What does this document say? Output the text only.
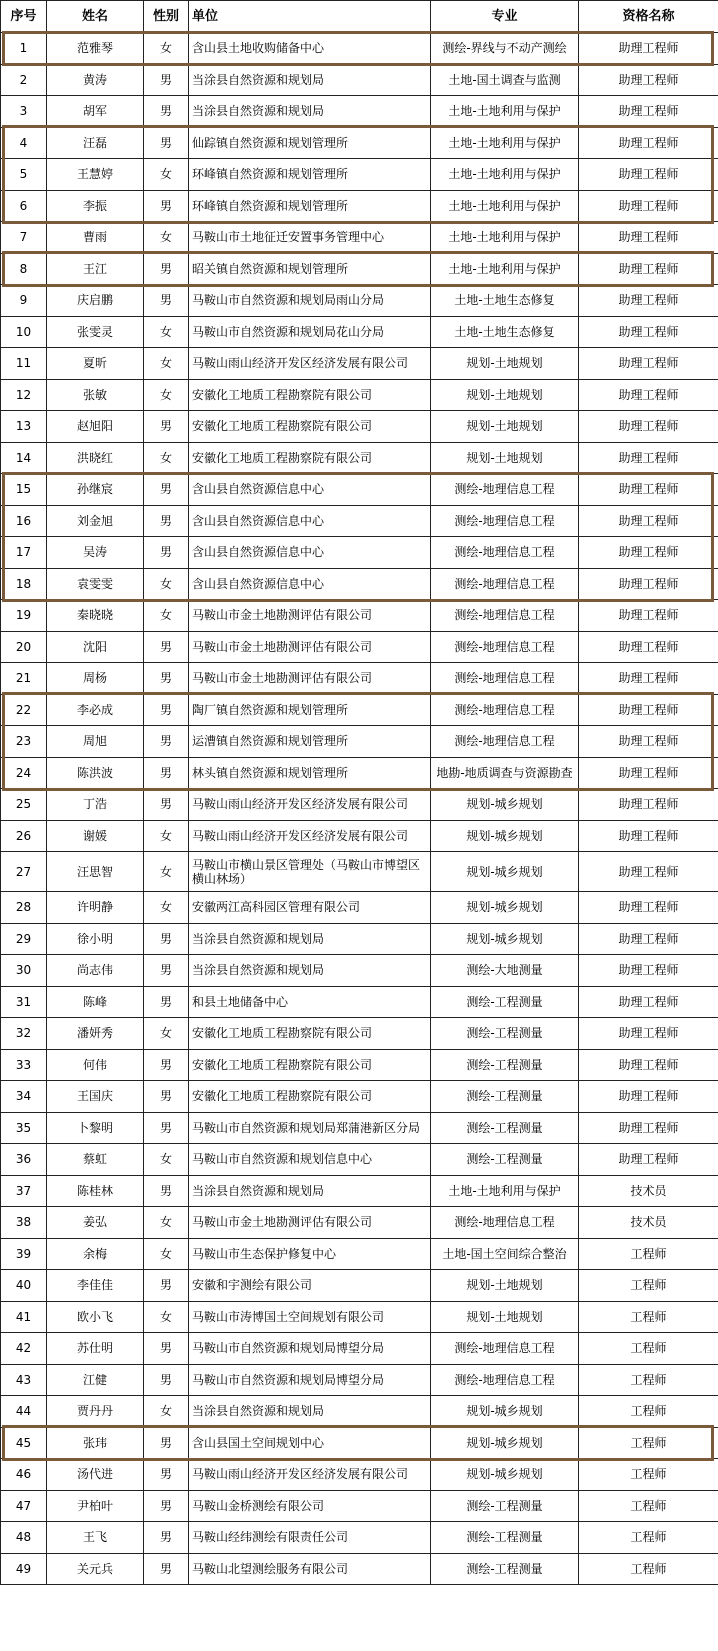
序号	姓名	性别	单位	专业	资格名称
1	范雅琴	女	含山县土地收购储备中心	测绘-界线与不动产测绘	助理工程师
2	黄涛	男	当涂县自然资源和规划局	土地-国土调查与监测	助理工程师
3	胡军	男	当涂县自然资源和规划局	土地-土地利用与保护	助理工程师
4	汪磊	男	仙踪镇自然资源和规划管理所	土地-土地利用与保护	助理工程师
5	王慧婷	女	环峰镇自然资源和规划管理所	土地-土地利用与保护	助理工程师
6	李振	男	环峰镇自然资源和规划管理所	土地-土地利用与保护	助理工程师
7	曹雨	女	马鞍山市土地征迁安置事务管理中心	土地-土地利用与保护	助理工程师
8	王江	男	昭关镇自然资源和规划管理所	土地-土地利用与保护	助理工程师
9	庆启鹏	男	马鞍山市自然资源和规划局雨山分局	土地-土地生态修复	助理工程师
10	张雯灵	女	马鞍山市自然资源和规划局花山分局	土地-土地生态修复	助理工程师
11	夏昕	女	马鞍山雨山经济开发区经济发展有限公司	规划-土地规划	助理工程师
12	张敏	女	安徽化工地质工程勘察院有限公司	规划-土地规划	助理工程师
13	赵旭阳	男	安徽化工地质工程勘察院有限公司	规划-土地规划	助理工程师
14	洪晓红	女	安徽化工地质工程勘察院有限公司	规划-土地规划	助理工程师
15	孙继宸	男	含山县自然资源信息中心	测绘-地理信息工程	助理工程师
16	刘金旭	男	含山县自然资源信息中心	测绘-地理信息工程	助理工程师
17	吴涛	男	含山县自然资源信息中心	测绘-地理信息工程	助理工程师
18	袁雯雯	女	含山县自然资源信息中心	测绘-地理信息工程	助理工程师
19	秦晓晓	女	马鞍山市金土地勘测评估有限公司	测绘-地理信息工程	助理工程师
20	沈阳	男	马鞍山市金土地勘测评估有限公司	测绘-地理信息工程	助理工程师
21	周杨	男	马鞍山市金土地勘测评估有限公司	测绘-地理信息工程	助理工程师
22	李必成	男	陶厂镇自然资源和规划管理所	测绘-地理信息工程	助理工程师
23	周旭	男	运漕镇自然资源和规划管理所	测绘-地理信息工程	助理工程师
24	陈洪波	男	林头镇自然资源和规划管理所	地勘-地质调查与资源勘查	助理工程师
25	丁浩	男	马鞍山雨山经济开发区经济发展有限公司	规划-城乡规划	助理工程师
26	谢媛	女	马鞍山雨山经济开发区经济发展有限公司	规划-城乡规划	助理工程师
27	汪思智	女	马鞍山市横山景区管理处（马鞍山市博望区横山林场）	规划-城乡规划	助理工程师
28	许明静	女	安徽两江高科园区管理有限公司	规划-城乡规划	助理工程师
29	徐小明	男	当涂县自然资源和规划局	规划-城乡规划	助理工程师
30	尚志伟	男	当涂县自然资源和规划局	测绘-大地测量	助理工程师
31	陈峰	男	和县土地储备中心	测绘-工程测量	助理工程师
32	潘妍秀	女	安徽化工地质工程勘察院有限公司	测绘-工程测量	助理工程师
33	何伟	男	安徽化工地质工程勘察院有限公司	测绘-工程测量	助理工程师
34	王国庆	男	安徽化工地质工程勘察院有限公司	测绘-工程测量	助理工程师
35	卜黎明	男	马鞍山市自然资源和规划局郑蒲港新区分局	测绘-工程测量	助理工程师
36	蔡虹	女	马鞍山市自然资源和规划信息中心	测绘-工程测量	助理工程师
37	陈桂林	男	当涂县自然资源和规划局	土地-土地利用与保护	技术员
38	姜弘	女	马鞍山市金土地勘测评估有限公司	测绘-地理信息工程	技术员
39	余梅	女	马鞍山市生态保护修复中心	土地-国土空间综合整治	工程师
40	李佳佳	男	安徽和宇测绘有限公司	规划-土地规划	工程师
41	欧小飞	女	马鞍山市涛博国土空间规划有限公司	规划-土地规划	工程师
42	苏仕明	男	马鞍山市自然资源和规划局博望分局	测绘-地理信息工程	工程师
43	江健	男	马鞍山市自然资源和规划局博望分局	测绘-地理信息工程	工程师
44	贾丹丹	女	当涂县自然资源和规划局	规划-城乡规划	工程师
45	张玮	男	含山县国土空间规划中心	规划-城乡规划	工程师
46	汤代进	男	马鞍山雨山经济开发区经济发展有限公司	规划-城乡规划	工程师
47	尹柏叶	男	马鞍山金桥测绘有限公司	测绘-工程测量	工程师
48	王飞	男	马鞍山经纬测绘有限责任公司	测绘-工程测量	工程师
49	关元兵	男	马鞍山北望测绘服务有限公司	测绘-工程测量	工程师
